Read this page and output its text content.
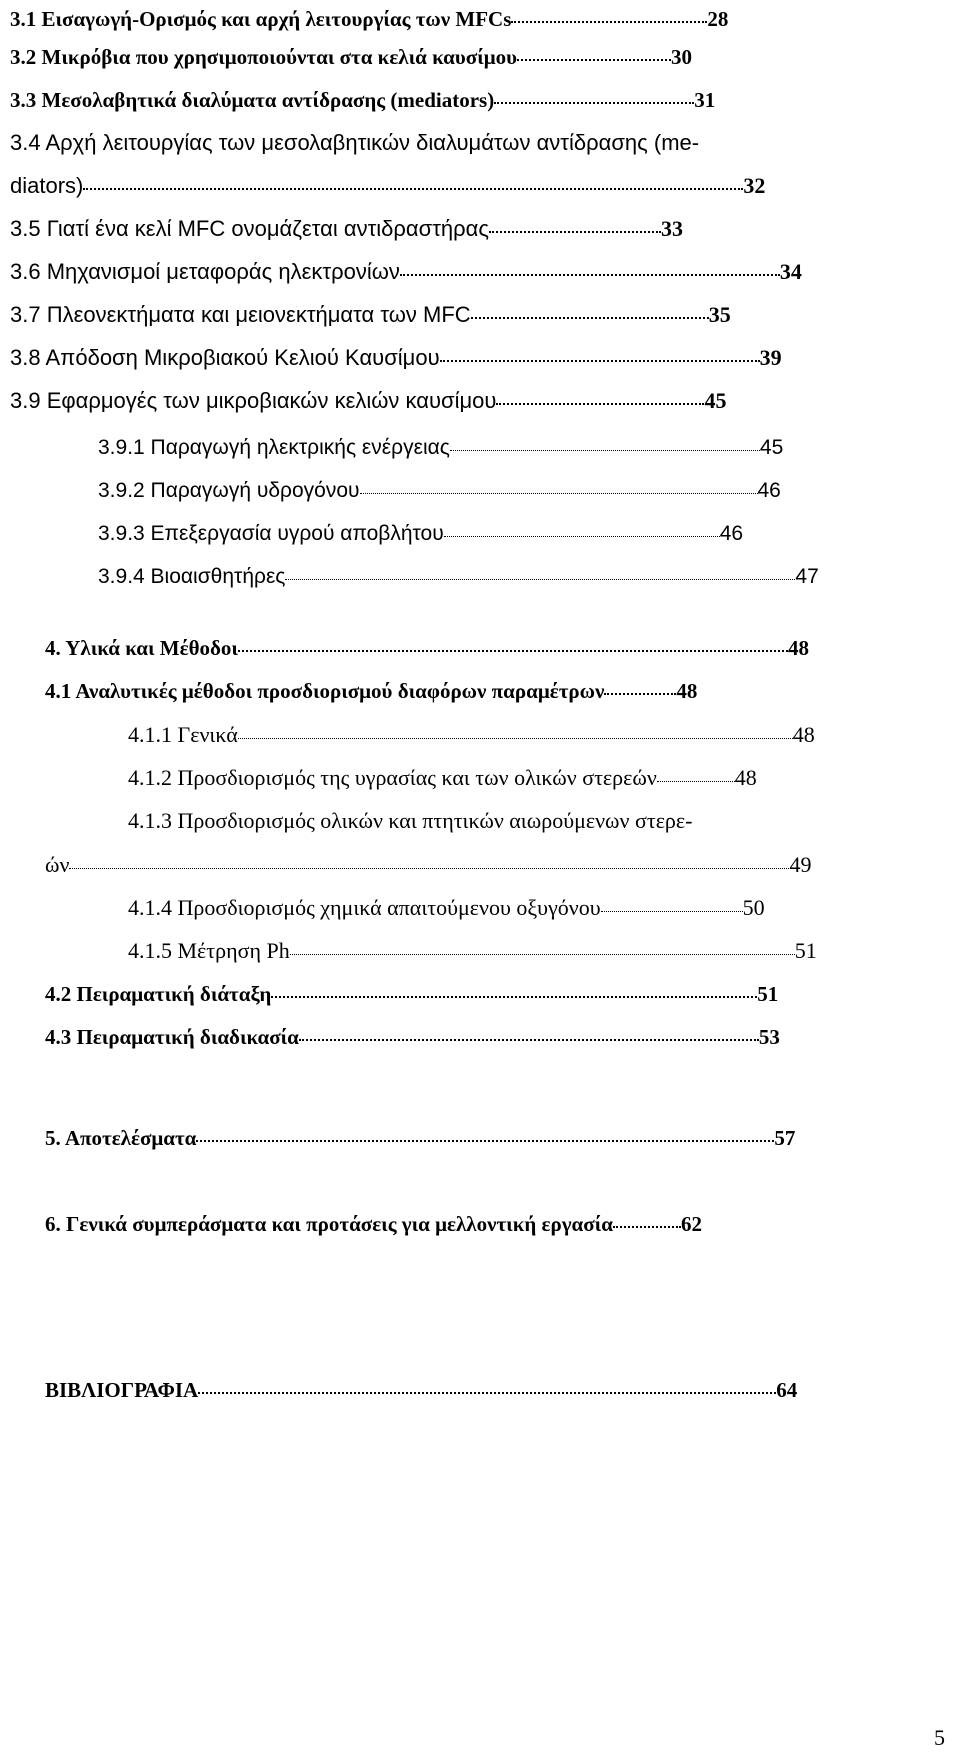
3.1 Εισαγωγή-Ορισμός και αρχή λειτουργίας των MFCs	28
3.2 Μικρόβια που χρησιμοποιούνται στα κελιά καυσίμου	30
3.3 Μεσολαβητικά διαλύματα αντίδρασης (mediators)	31
3.4 Αρχή λειτουργίας των μεσολαβητικών διαλυμάτων αντίδρασης (me-
diators)	32
3.5 Γιατί ένα κελί MFC ονομάζεται αντιδραστήρας	33
3.6 Μηχανισμοί μεταφοράς ηλεκτρονίων	34
3.7 Πλεονεκτήματα και μειονεκτήματα των MFC	35
3.8 Απόδοση Μικροβιακού Κελιού Καυσίμου	39
3.9 Εφαρμογές των μικροβιακών κελιών καυσίμου	45
3.9.1 Παραγωγή ηλεκτρικής ενέργειας	45
3.9.2 Παραγωγή υδρογόνου	46
3.9.3 Επεξεργασία υγρού αποβλήτου	46
3.9.4 Βιοαισθητήρες	47
4. Υλικά και Μέθοδοι	48
4.1 Αναλυτικές μέθοδοι προσδιορισμού διαφόρων παραμέτρων	48
4.1.1 Γενικά	48
4.1.2 Προσδιορισμός της υγρασίας και των ολικών στερεών	48
4.1.3 Προσδιορισμός ολικών και πτητικών αιωρούμενων στερε-
ών	49
4.1.4 Προσδιορισμός χημικά απαιτούμενου οξυγόνου	50
4.1.5 Μέτρηση Ph	51
4.2 Πειραματική διάταξη	51
4.3 Πειραματική διαδικασία	53
5. Αποτελέσματα	57
6. Γενικά συμπεράσματα και προτάσεις για μελλοντική εργασία	62
ΒΙΒΛΙΟΓΡΑΦΙΑ	64
5
